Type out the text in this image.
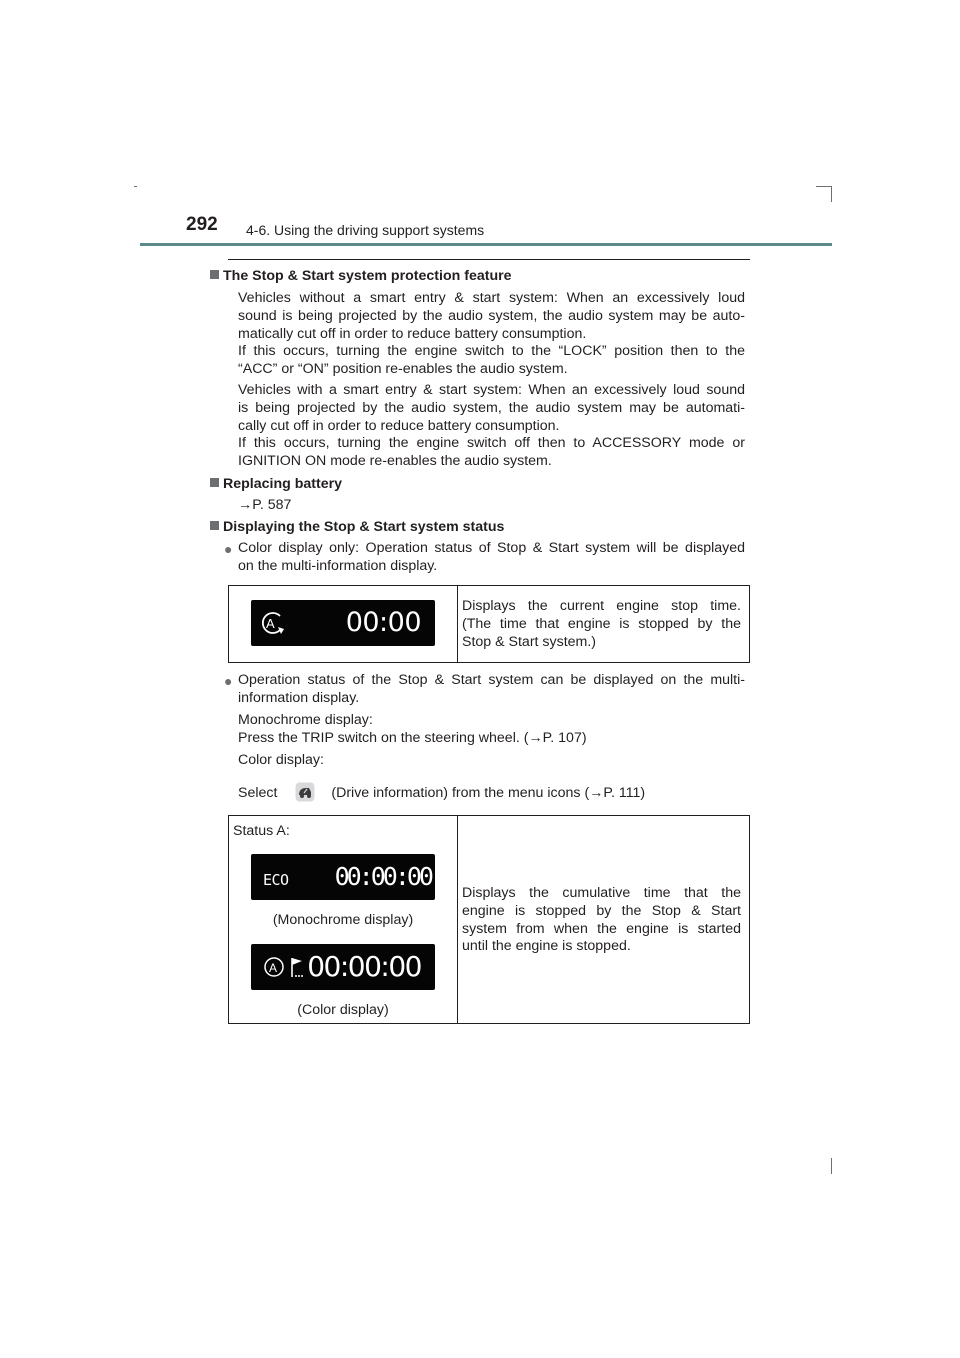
292 4-6. Using the driving support systems
The Stop & Start system protection feature
Vehicles without a smart entry & start system: When an excessively loud
sound is being projected by the audio system, the audio system may be auto-
matically cut off in order to reduce battery consumption.
If this occurs, turning the engine switch to the “LOCK” position then to the
“ACC” or “ON” position re-enables the audio system.
Vehicles with a smart entry & start system: When an excessively loud sound
is being projected by the audio system, the audio system may be automati-
cally cut off in order to reduce battery consumption.
If this occurs, turning the engine switch off then to ACCESSORY mode or
IGNITION ON mode re-enables the audio system.
Replacing battery
→P. 587
Displaying the Stop & Start system status
● Color display only: Operation status of Stop & Start system will be displayed
on the multi-information display.
A	00:00

Displays the current engine stop time.
(The time that engine is stopped by the
Stop & Start system.)
● Operation status of the Stop & Start system can be displayed on the multi-
information display.
Monochrome display:
Press the TRIP switch on the steering wheel. (→P. 107)
Color display:
Select	(Drive information) from the menu icons (→P. 111)
Status A:
ECO 00:00:00
(Monochrome display)
A 00:00:00
(Color display)

Displays the cumulative time that the
engine is stopped by the Stop & Start
system from when the engine is started
until the engine is stopped.
